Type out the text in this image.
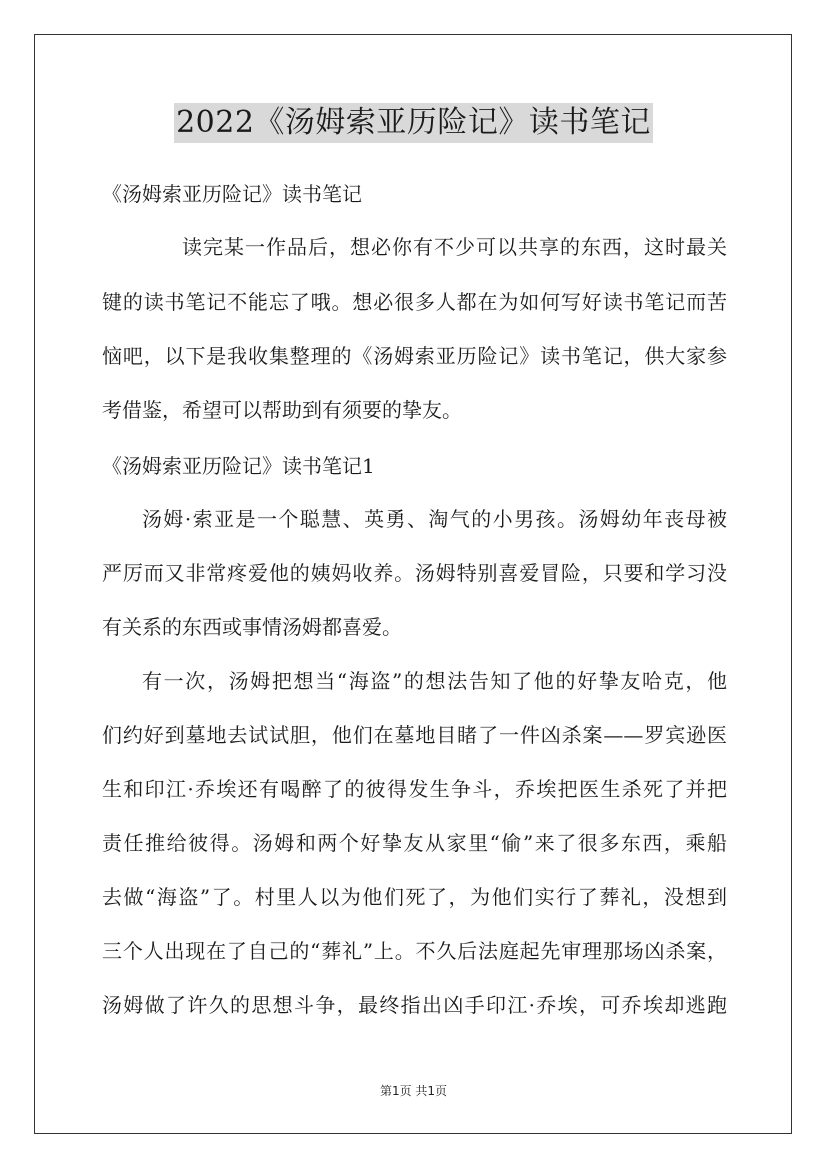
2022《汤姆索亚历险记》读书笔记
《汤姆索亚历险记》读书笔记
读完某一作品后，想必你有不少可以共享的东西，这时最关
键的读书笔记不能忘了哦。想必很多人都在为如何写好读书笔记而苦
恼吧，以下是我收集整理的《汤姆索亚历险记》读书笔记，供大家参
考借鉴，希望可以帮助到有须要的挚友。
《汤姆索亚历险记》读书笔记1
汤姆·索亚是一个聪慧、英勇、淘气的小男孩。汤姆幼年丧母被
严厉而又非常疼爱他的姨妈收养。汤姆特别喜爱冒险，只要和学习没
有关系的东西或事情汤姆都喜爱。
有一次，汤姆把想当“海盗”的想法告知了他的好挚友哈克，他
们约好到墓地去试试胆，他们在墓地目睹了一件凶杀案——罗宾逊医
生和印江·乔埃还有喝醉了的彼得发生争斗，乔埃把医生杀死了并把
责任推给彼得。汤姆和两个好挚友从家里“偷”来了很多东西，乘船
去做“海盗”了。村里人以为他们死了，为他们实行了葬礼，没想到
三个人出现在了自己的“葬礼”上。不久后法庭起先审理那场凶杀案，
汤姆做了许久的思想斗争，最终指出凶手印江·乔埃，可乔埃却逃跑
第1页 共1页
